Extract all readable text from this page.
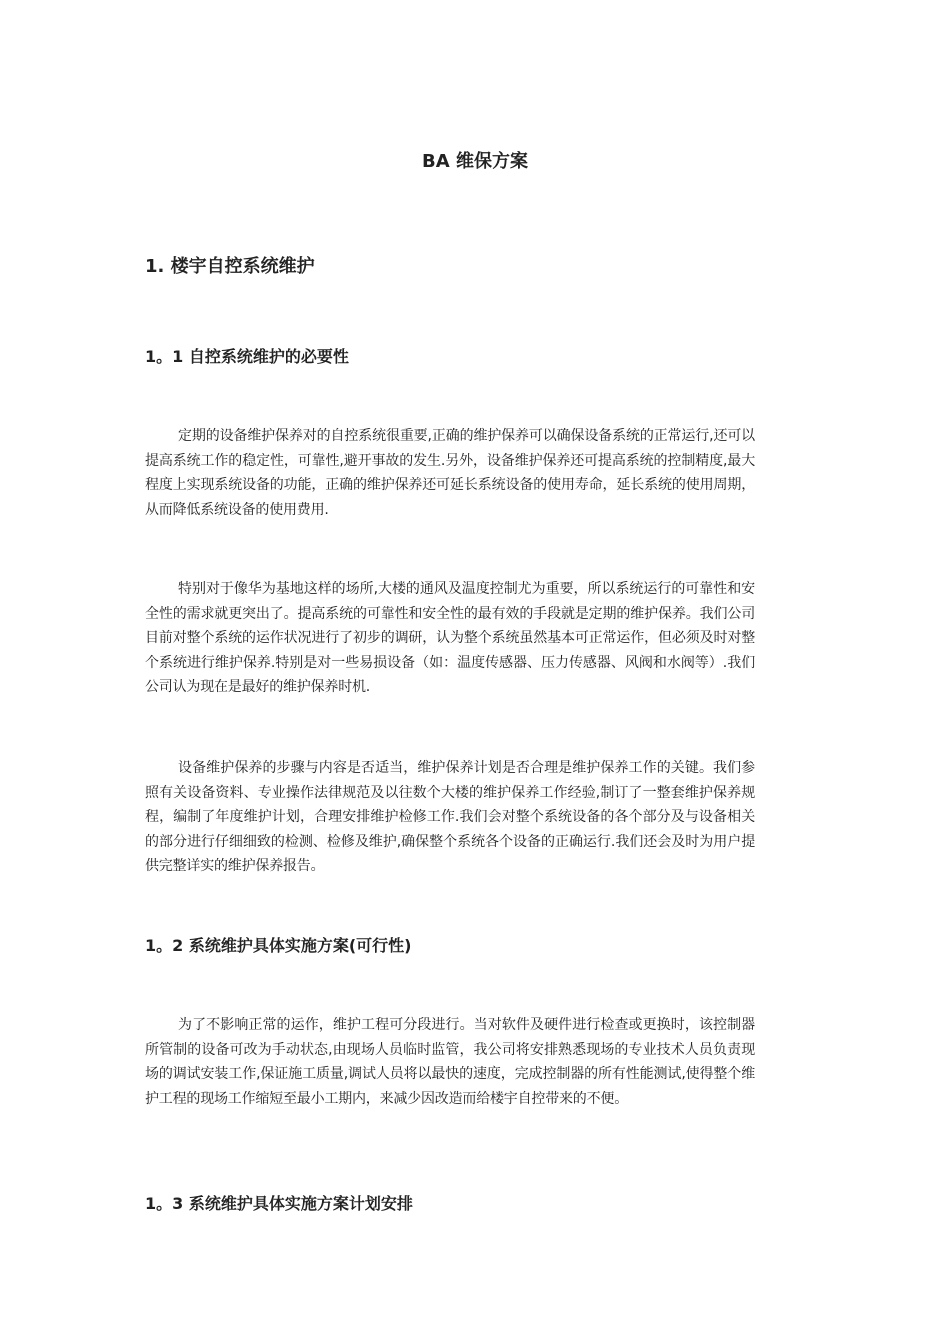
BA 维保方案
1. 楼宇自控系统维护
1。1 自控系统维护的必要性
定期的设备维护保养对的自控系统很重要,正确的维护保养可以确保设备系统的正常运行,还可以提高系统工作的稳定性，可靠性,避开事故的发生.另外，设备维护保养还可提高系统的控制精度,最大程度上实现系统设备的功能，正确的维护保养还可延长系统设备的使用寿命，延长系统的使用周期，从而降低系统设备的使用费用.
特别对于像华为基地这样的场所,大楼的通风及温度控制尤为重要，所以系统运行的可靠性和安全性的需求就更突出了。提高系统的可靠性和安全性的最有效的手段就是定期的维护保养。我们公司目前对整个系统的运作状况进行了初步的调研，认为整个系统虽然基本可正常运作，但必须及时对整个系统进行维护保养.特别是对一些易损设备（如：温度传感器、压力传感器、风阀和水阀等）.我们公司认为现在是最好的维护保养时机.
设备维护保养的步骤与内容是否适当，维护保养计划是否合理是维护保养工作的关键。我们参照有关设备资料、专业操作法律规范及以往数个大楼的维护保养工作经验,制订了一整套维护保养规程，编制了年度维护计划，合理安排维护检修工作.我们会对整个系统设备的各个部分及与设备相关的部分进行仔细细致的检测、检修及维护,确保整个系统各个设备的正确运行.我们还会及时为用户提供完整详实的维护保养报告。
1。2 系统维护具体实施方案(可行性)
为了不影响正常的运作，维护工程可分段进行。当对软件及硬件进行检查或更换时，该控制器所管制的设备可改为手动状态,由现场人员临时监管，我公司将安排熟悉现场的专业技术人员负责现场的调试安装工作,保证施工质量,调试人员将以最快的速度，完成控制器的所有性能测试,使得整个维护工程的现场工作缩短至最小工期内，来减少因改造而给楼宇自控带来的不便。
1。3 系统维护具体实施方案计划安排
